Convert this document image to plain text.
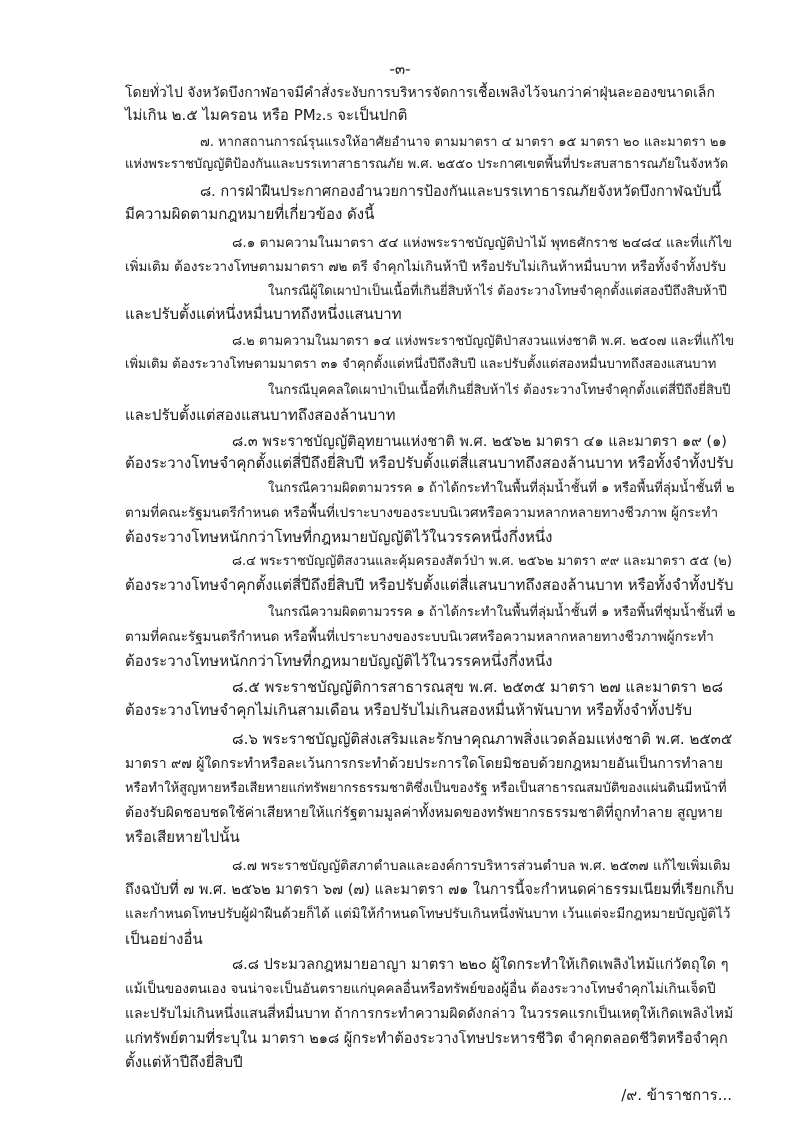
-๓-
โดยทั่วไป จังหวัดบึงกาฬอาจมีคำสั่งระงับการบริหารจัดการเชื้อเพลิงไว้จนกว่าค่าฝุ่นละอองขนาดเล็ก
ไม่เกิน ๒.๕ ไมครอน หรือ PM₂.₅ จะเป็นปกติ
๗. หากสถานการณ์รุนแรงให้อาศัยอำนาจ ตามมาตรา ๔ มาตรา ๑๕ มาตรา ๒๐ และมาตรา ๒๑
แห่งพระราชบัญญัติป้องกันและบรรเทาสาธารณภัย พ.ศ. ๒๕๕๐ ประกาศเขตพื้นที่ประสบสาธารณภัยในจังหวัด
๘. การฝ่าฝืนประกาศกองอำนวยการป้องกันและบรรเทาธารณภัยจังหวัดบึงกาฬฉบับนี้
มีความผิดตามกฎหมายที่เกี่ยวข้อง ดังนี้
๘.๑ ตามความในมาตรา ๕๔ แห่งพระราชบัญญัติป่าไม้ พุทธศักราช ๒๔๘๔ และที่แก้ไข
เพิ่มเติม ต้องระวางโทษตามมาตรา ๗๒ ตรี จำคุกไม่เกินห้าปี หรือปรับไม่เกินห้าหมื่นบาท หรือทั้งจำทั้งปรับ
ในกรณีผู้ใดเผาป่าเป็นเนื้อที่เกินยี่สิบห้าไร่ ต้องระวางโทษจำคุกตั้งแต่สองปีถึงสิบห้าปี
และปรับตั้งแต่หนึ่งหมื่นบาทถึงหนึ่งแสนบาท
๘.๒ ตามความในมาตรา ๑๔ แห่งพระราชบัญญัติป่าสงวนแห่งชาติ พ.ศ. ๒๕๐๗ และที่แก้ไข
เพิ่มเติม ต้องระวางโทษตามมาตรา ๓๑ จำคุกตั้งแต่หนึ่งปีถึงสิบปี และปรับตั้งแต่สองหมื่นบาทถึงสองแสนบาท
ในกรณีบุคคลใดเผาป่าเป็นเนื้อที่เกินยี่สิบห้าไร่ ต้องระวางโทษจำคุกตั้งแต่สี่ปีถึงยี่สิบปี
และปรับตั้งแต่สองแสนบาทถึงสองล้านบาท
๘.๓ พระราชบัญญัติอุทยานแห่งชาติ พ.ศ. ๒๕๖๒ มาตรา ๔๑ และมาตรา ๑๙ (๑)
ต้องระวางโทษจำคุกตั้งแต่สี่ปีถึงยี่สิบปี หรือปรับตั้งแต่สี่แสนบาทถึงสองล้านบาท หรือทั้งจำทั้งปรับ
ในกรณีความผิดตามวรรค ๑ ถ้าได้กระทำในพื้นที่ลุ่มน้ำชั้นที่ ๑ หรือพื้นที่ลุ่มน้ำชั้นที่ ๒
ตามที่คณะรัฐมนตรีกำหนด หรือพื้นที่เปราะบางของระบบนิเวศหรือความหลากหลายทางชีวภาพ ผู้กระทำ
ต้องระวางโทษหนักกว่าโทษที่กฎหมายบัญญัติไว้ในวรรคหนึ่งกึ่งหนึ่ง
๘.๔ พระราชบัญญัติสงวนและคุ้มครองสัตว์ป่า พ.ศ. ๒๕๖๒ มาตรา ๙๙ และมาตรา ๕๕ (๒)
ต้องระวางโทษจำคุกตั้งแต่สี่ปีถึงยี่สิบปี หรือปรับตั้งแต่สี่แสนบาทถึงสองล้านบาท หรือทั้งจำทั้งปรับ
ในกรณีความผิดตามวรรค ๑ ถ้าได้กระทำในพื้นที่ลุ่มน้ำชั้นที่ ๑ หรือพื้นที่ชุ่มน้ำชั้นที่ ๒
ตามที่คณะรัฐมนตรีกำหนด หรือพื้นที่เปราะบางของระบบนิเวศหรือความหลากหลายทางชีวภาพผู้กระทำ
ต้องระวางโทษหนักกว่าโทษที่กฎหมายบัญญัติไว้ในวรรคหนึ่งกึ่งหนึ่ง
๘.๕ พระราชบัญญัติการสาธารณสุข พ.ศ. ๒๕๓๕ มาตรา ๒๗ และมาตรา ๒๘
ต้องระวางโทษจำคุกไม่เกินสามเดือน หรือปรับไม่เกินสองหมื่นห้าพันบาท หรือทั้งจำทั้งปรับ
๘.๖ พระราชบัญญัติส่งเสริมและรักษาคุณภาพสิ่งแวดล้อมแห่งชาติ พ.ศ. ๒๕๓๕
มาตรา ๙๗ ผู้ใดกระทำหรือละเว้นการกระทำด้วยประการใดโดยมิชอบด้วยกฎหมายอันเป็นการทำลาย
หรือทำให้สูญหายหรือเสียหายแก่ทรัพยากรธรรมชาติซึ่งเป็นของรัฐ หรือเป็นสาธารณสมบัติของแผ่นดินมีหน้าที่
ต้องรับผิดชอบชดใช้ค่าเสียหายให้แก่รัฐตามมูลค่าทั้งหมดของทรัพยากรธรรมชาติที่ถูกทำลาย สูญหาย
หรือเสียหายไปนั้น
๘.๗ พระราชบัญญัติสภาตำบลและองค์การบริหารส่วนตำบล พ.ศ. ๒๕๓๗ แก้ไขเพิ่มเติม
ถึงฉบับที่ ๗ พ.ศ. ๒๕๖๒ มาตรา ๖๗ (๗) และมาตรา ๗๑ ในการนี้จะกำหนดค่าธรรมเนียมที่เรียกเก็บ
และกำหนดโทษปรับผู้ฝ่าฝืนด้วยก็ได้ แต่มิให้กำหนดโทษปรับเกินหนึ่งพันบาท เว้นแต่จะมีกฎหมายบัญญัติไว้
เป็นอย่างอื่น
๘.๘ ประมวลกฎหมายอาญา มาตรา ๒๒๐ ผู้ใดกระทำให้เกิดเพลิงไหม้แก่วัตถุใด ๆ
แม้เป็นของตนเอง จนน่าจะเป็นอันตรายแก่บุคคลอื่นหรือทรัพย์ของผู้อื่น ต้องระวางโทษจำคุกไม่เกินเจ็ดปี
และปรับไม่เกินหนึ่งแสนสี่หมื่นบาท ถ้าการกระทำความผิดดังกล่าว ในวรรคแรกเป็นเหตุให้เกิดเพลิงไหม้
แก่ทรัพย์ตามที่ระบุใน มาตรา ๒๑๘ ผู้กระทำต้องระวางโทษประหารชีวิต จำคุกตลอดชีวิตหรือจำคุก
ตั้งแต่ห้าปีถึงยี่สิบปี
/๙. ข้าราชการ...
